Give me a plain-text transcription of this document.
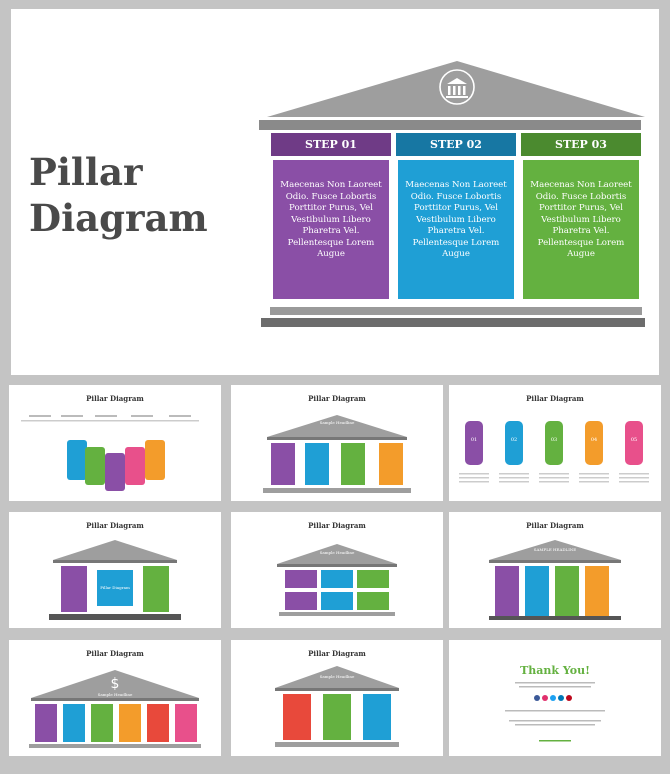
Pillar
Diagram
STEP 01
Maecenas Non Laoreet Odio. Fusce Lobortis Porttitor Purus, Vel Vestibulum Libero Pharetra Vel. Pellentesque Lorem Augue
STEP 02
Maecenas Non Laoreet Odio. Fusce Lobortis Porttitor Purus, Vel Vestibulum Libero Pharetra Vel. Pellentesque Lorem Augue
STEP 03
Maecenas Non Laoreet Odio. Fusce Lobortis Porttitor Purus, Vel Vestibulum Libero Pharetra Vel. Pellentesque Lorem Augue
Pillar Diagram	Pillar Diagram
Sample Headline
Pillar Diagram
01	02	03	04	05
Pillar Diagram
Pillar Diagram
Pillar Diagram
Sample Headline
Pillar Diagram
SAMPLE HEADLINE
Pillar Diagram
$
Sample Headline
Pillar Diagram
Sample Headline	Thank You!
